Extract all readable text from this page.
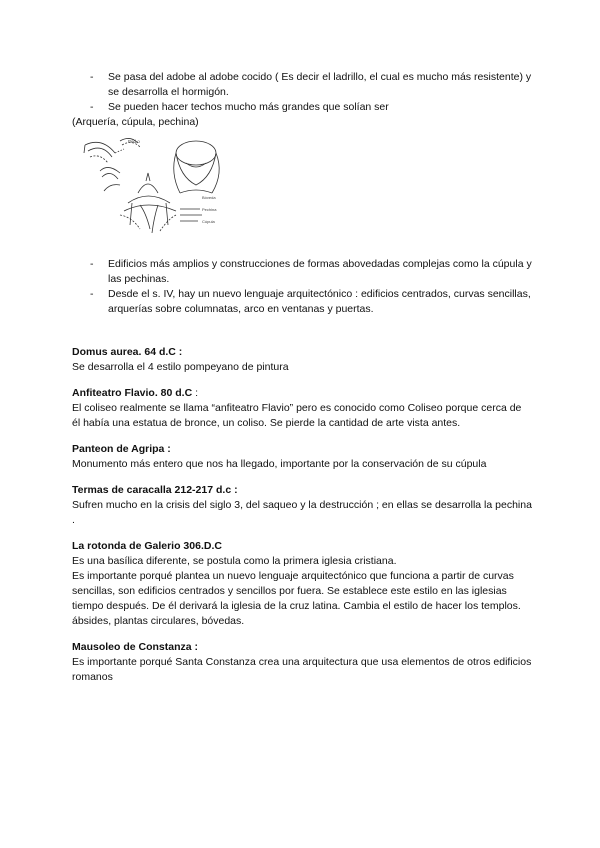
-	Se pasa del adobe al adobe cocido ( Es decir el ladrillo, el cual es mucho más resistente) y se desarrolla el hormigón.
-	Se pueden hacer techos mucho más grandes que solían ser
(Arquería, cúpula, pechina)
Ped.o
Bóveda
Pechina
Cúpula
-	Edificios más amplios y construcciones de formas abovedadas complejas como la cúpula y las pechinas.
-	Desde el s. IV, hay un nuevo lenguaje arquitectónico : edificios centrados, curvas sencillas, arquerías sobre columnatas, arco en ventanas y puertas.
Domus aurea. 64 d.C :

Se desarrolla el 4 estilo pompeyano de pintura

Anfiteatro Flavio. 80 d.C :

El coliseo realmente se llama “anfiteatro Flavio” pero es conocido como Coliseo porque cerca de él había una estatua de bronce, un coliso. Se pierde la cantidad de arte vista antes.

Panteon de Agripa :

Monumento más entero que nos ha llegado, importante por la conservación de su cúpula

Termas de caracalla 212-217 d.c :

Sufren mucho en la crisis del siglo 3, del saqueo y la destrucción ; en ellas se desarrolla la pechina .

La rotonda de Galerio 306.D.C

Es una basílica diferente, se postula como la primera iglesia cristiana.

Es importante porqué plantea un nuevo lenguaje arquitectónico que funciona a partir de curvas sencillas, son edificios centrados y sencillos por fuera. Se establece este estilo en las iglesias tiempo después. De él derivará la iglesia de la cruz latina. Cambia el estilo de hacer los templos.

ábsides, plantas circulares, bóvedas.

Mausoleo de Constanza :

Es importante porqué Santa Constanza crea una arquitectura que usa elementos de otros edificios romanos
